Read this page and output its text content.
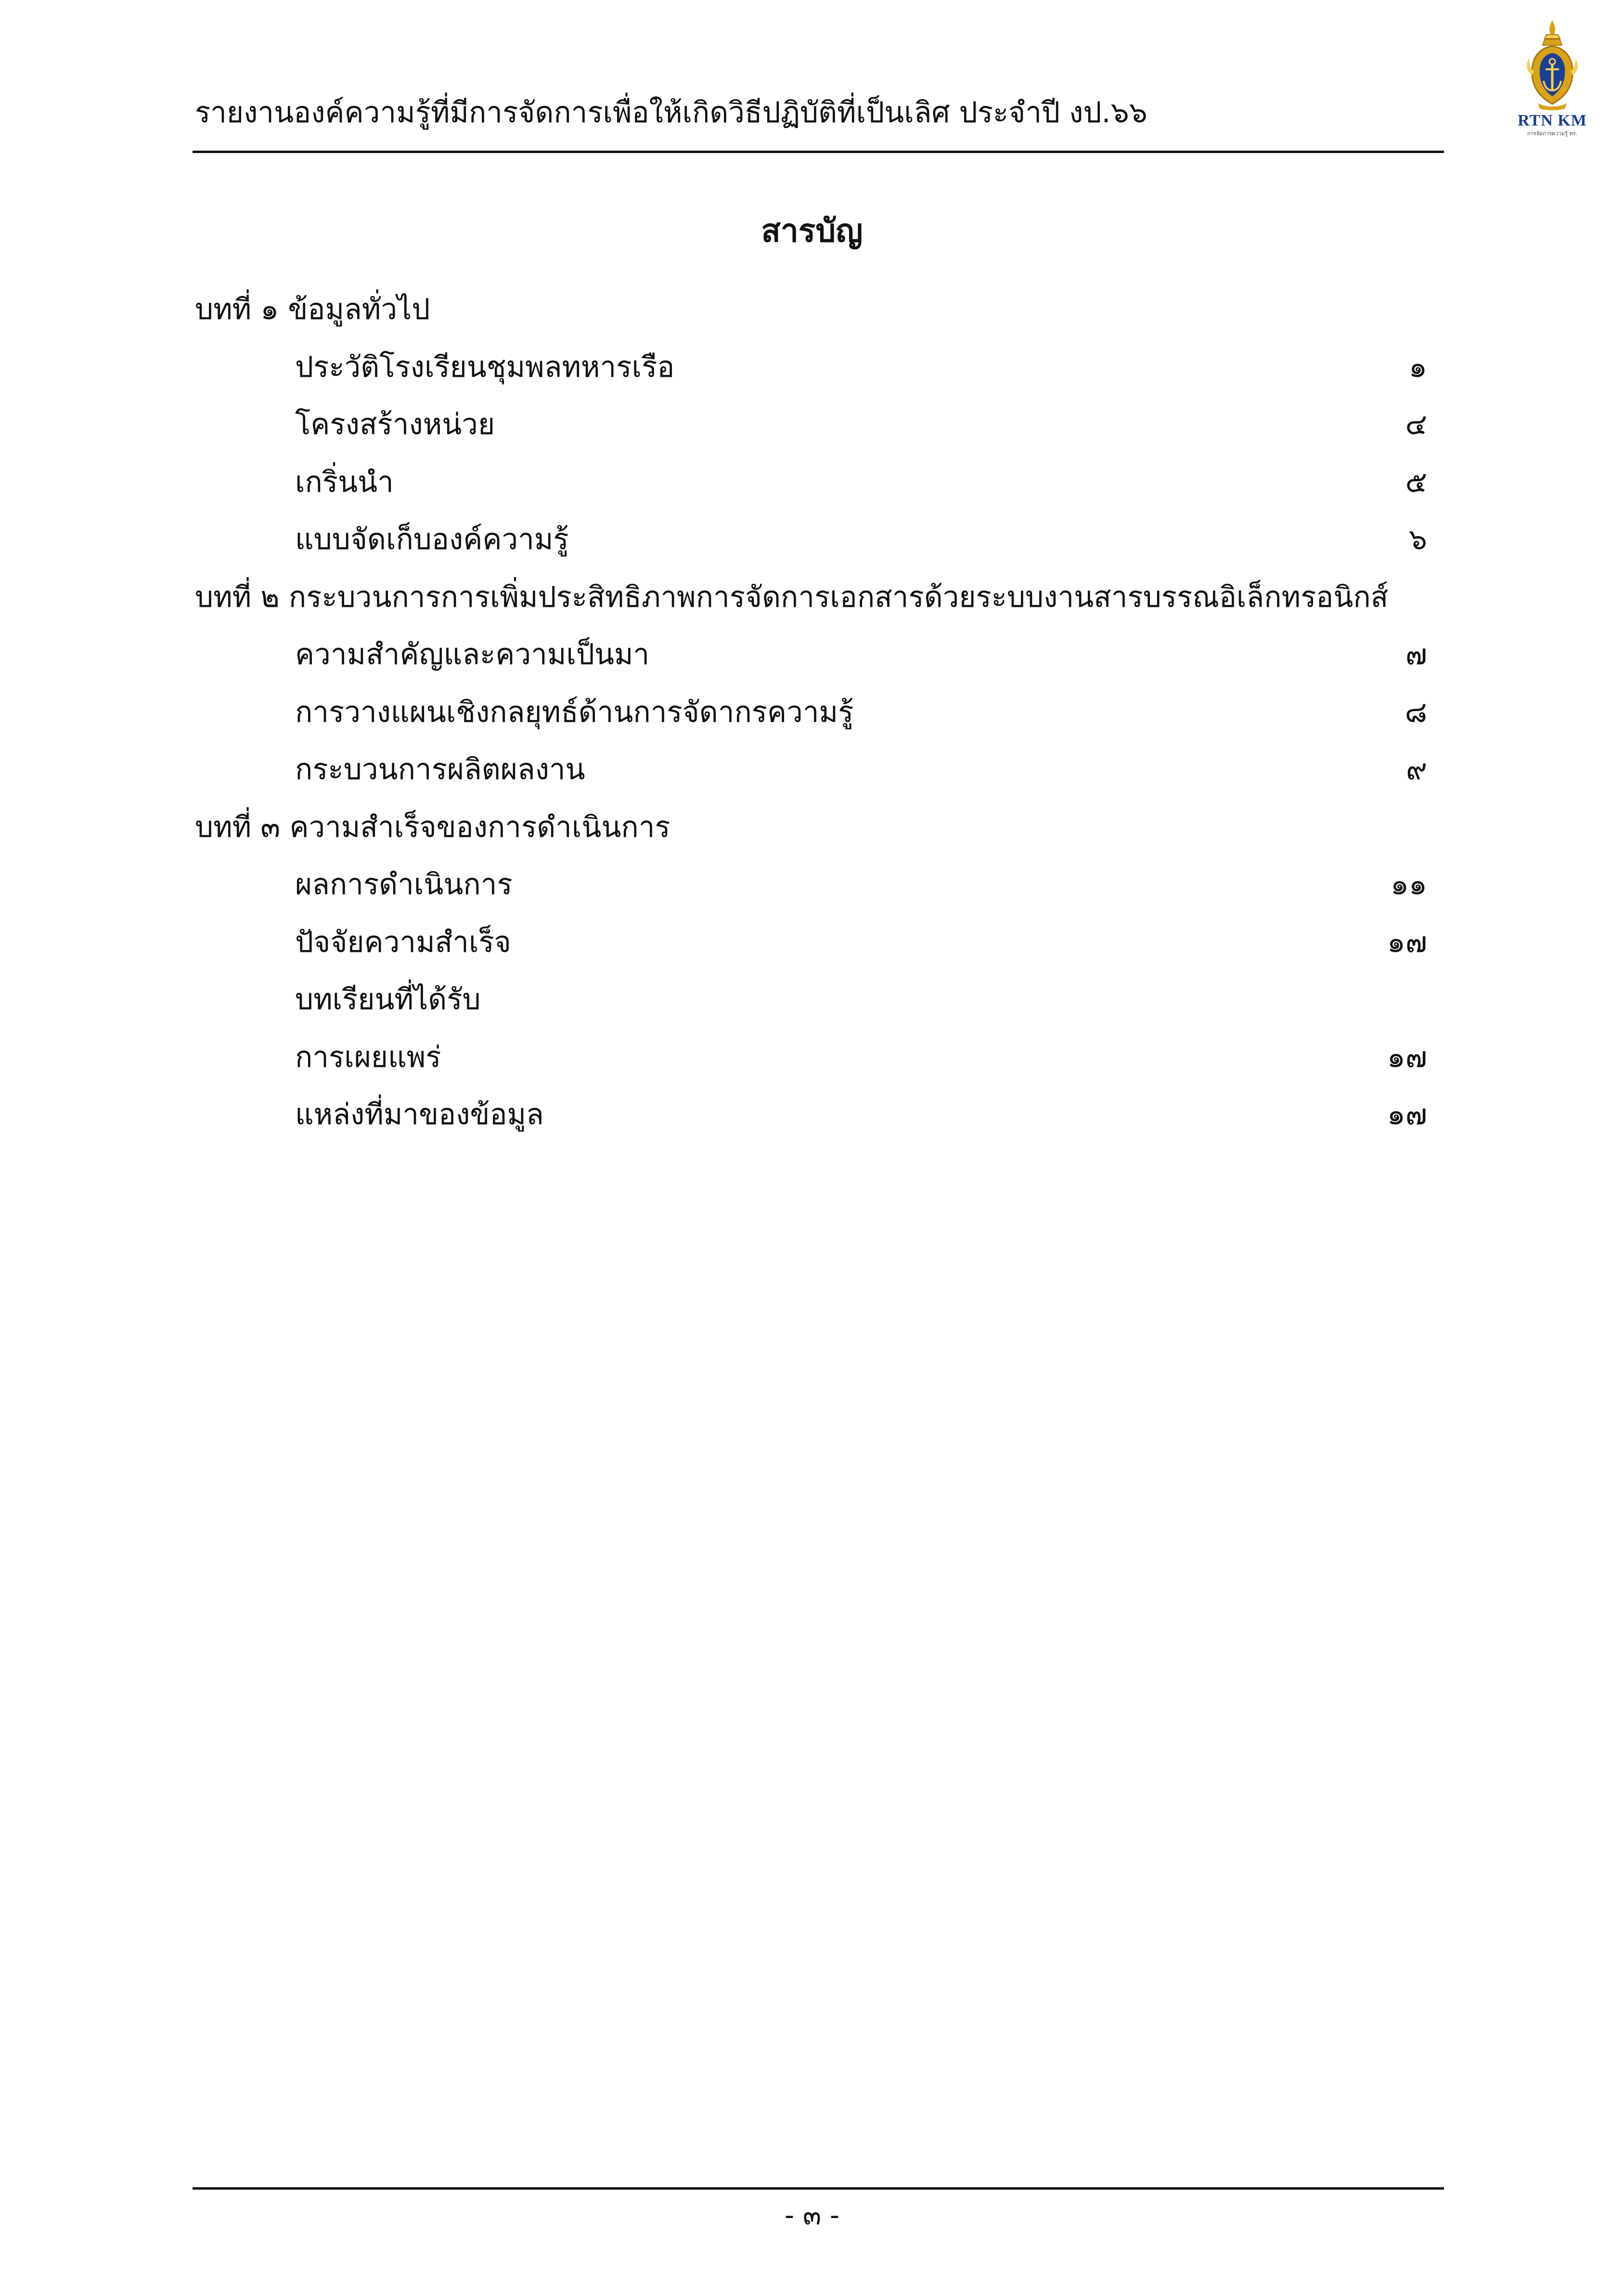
รายงานองค์ความรู้ที่มีการจัดการเพื่อให้เกิดวิธีปฏิบัติที่เป็นเลิศ ประจำปี งป.๖๖	RTN KM
การจัดการความรู้ ทร.
สารบัญ
บทที่ ๑ ข้อมูลทั่วไป
ประวัติโรงเรียนชุมพลทหารเรือ	๑
โครงสร้างหน่วย	๔
เกริ่นนำ	๕
แบบจัดเก็บองค์ความรู้	๖
บทที่ ๒ กระบวนการการเพิ่มประสิทธิภาพการจัดการเอกสารด้วยระบบงานสารบรรณอิเล็กทรอนิกส์
ความสำคัญและความเป็นมา	๗
การวางแผนเชิงกลยุทธ์ด้านการจัดากรความรู้	๘
กระบวนการผลิตผลงาน	๙
บทที่ ๓ ความสำเร็จของการดำเนินการ
ผลการดำเนินการ	๑๑
ปัจจัยความสำเร็จ	๑๗
บทเรียนที่ได้รับ
การเผยแพร่	๑๗
แหล่งที่มาของข้อมูล	๑๗
- ๓ -
